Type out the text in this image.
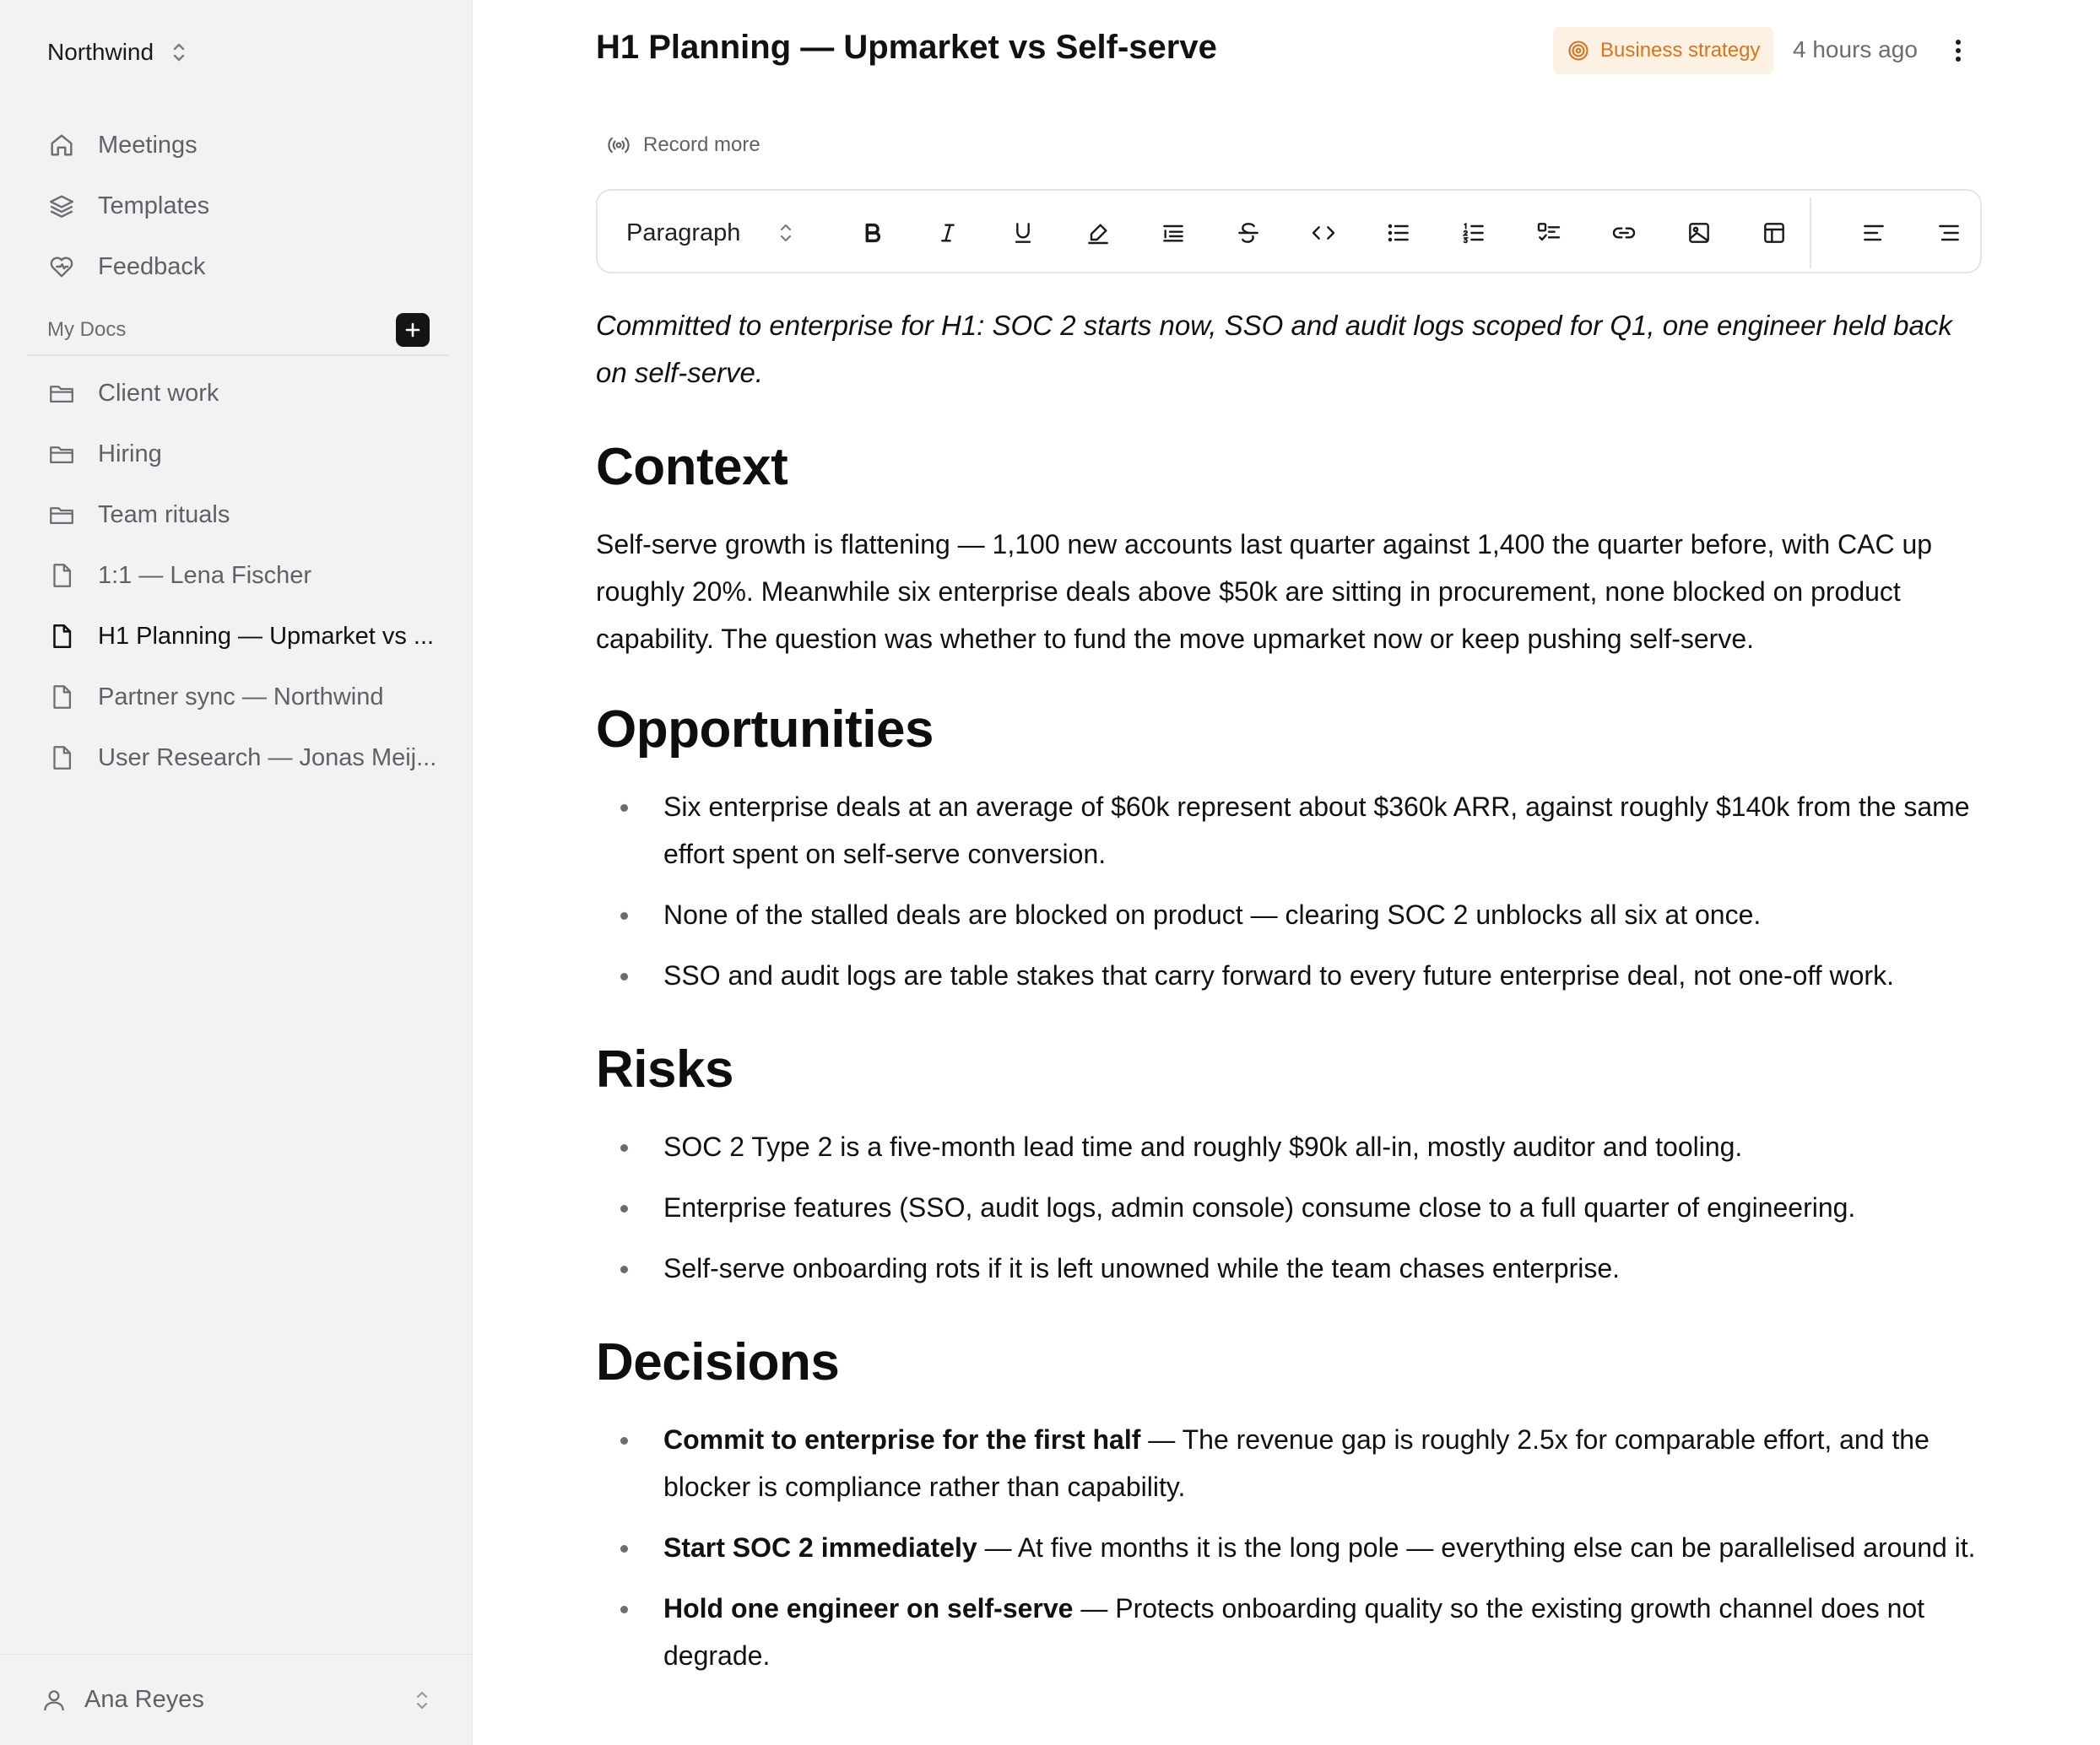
Northwind
Meetings
Templates
Feedback
My Docs
Client work
Hiring
Team rituals
1:1 — Lena Fischer
H1 Planning — Upmarket vs ...
Partner sync — Northwind
User Research — Jonas Meij...
Ana Reyes
H1 Planning — Upmarket vs Self-serve	Business strategy 4 hours ago
Record more
Paragraph

Committed to enterprise for H1: SOC 2 starts now, SSO and audit logs scoped for Q1, one engineer held back on self-serve.

Context

Self-serve growth is flattening — 1,100 new accounts last quarter against 1,400 the quarter before, with CAC up roughly 20%. Meanwhile six enterprise deals above $50k are sitting in procurement, none blocked on product capability. The question was whether to fund the move upmarket now or keep pushing self-serve.

Opportunities
Six enterprise deals at an average of $60k represent about $360k ARR, against roughly $140k from the same effort spent on self-serve conversion.
None of the stalled deals are blocked on product — clearing SOC 2 unblocks all six at once.
SSO and audit logs are table stakes that carry forward to every future enterprise deal, not one-off work.
Risks
SOC 2 Type 2 is a five-month lead time and roughly $90k all-in, mostly auditor and tooling.
Enterprise features (SSO, audit logs, admin console) consume close to a full quarter of engineering.
Self-serve onboarding rots if it is left unowned while the team chases enterprise.
Decisions
Commit to enterprise for the first half — The revenue gap is roughly 2.5x for comparable effort, and the blocker is compliance rather than capability.
Start SOC 2 immediately — At five months it is the long pole — everything else can be parallelised around it.
Hold one engineer on self-serve — Protects onboarding quality so the existing growth channel does not degrade.
